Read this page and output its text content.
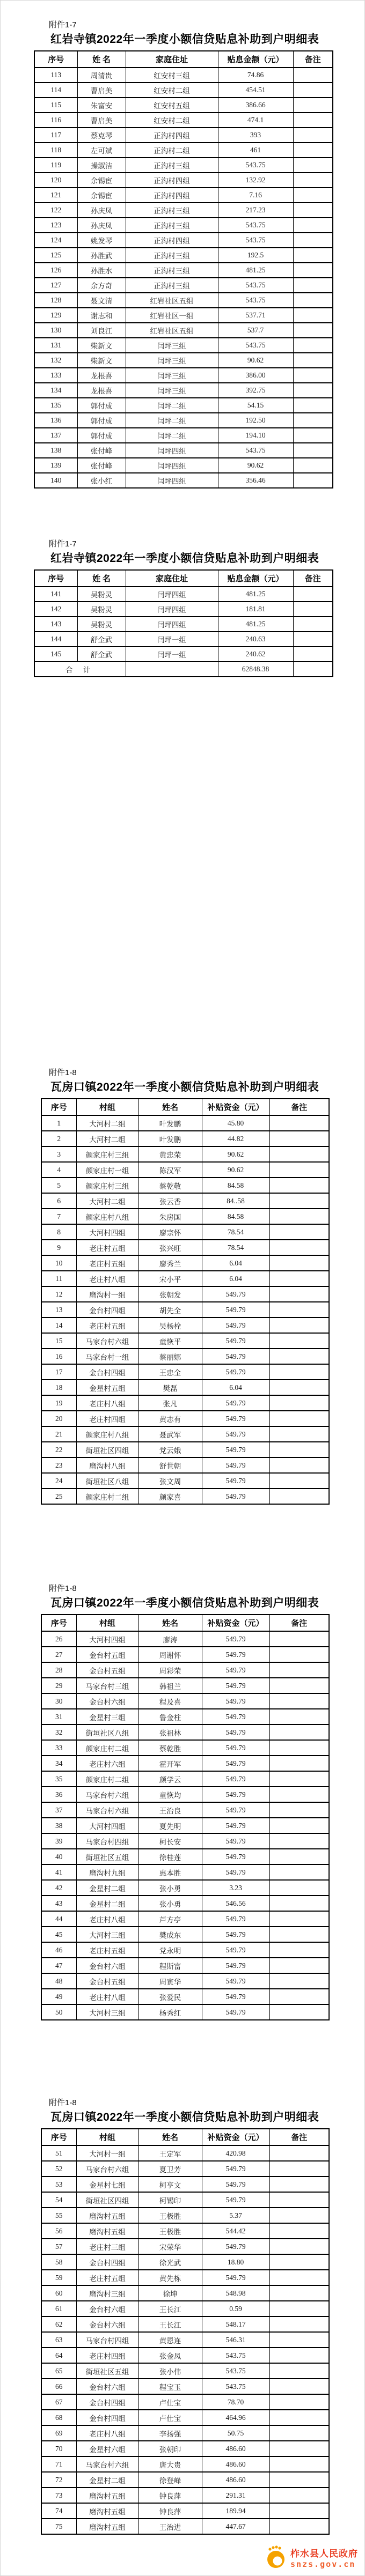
附件1-7
红岩寺镇2022年一季度小额信贷贴息补助到户明细表
序号	姓 名	家庭住址	贴息金额（元）	备注
113	周清贵	红安村三组	74.86	
114	曹启美	红安村二组	454.51	
115	朱富安	红安村五组	386.66	
116	曹启美	红安村二组	474.1	
117	蔡克琴	正沟村四组	393	
118	左可斌	正沟村二组	461	
119	操淑洁	正沟村三组	543.75	
120	余锡宦	正沟村四组	132.92	
121	余锡宦	正沟村四组	7.16	
122	孙庆凤	正沟村三组	217.23	
123	孙庆凤	正沟村三组	543.75	
124	姚发琴	正沟村四组	543.75	
125	孙胜武	正沟村三组	192.5	
126	孙胜水	正沟村三组	481.25	
127	余方奇	正沟村三组	543.75	
128	聂文清	红岩社区五组	543.75	
129	谢志和	红岩社区一组	537.71	
130	刘良江	红岩社区五组	537.7	
131	柴新文	闫坪三组	543.75	
132	柴新文	闫坪三组	90.62	
133	龙根喜	闫坪三组	386.00	
134	龙根喜	闫坪三组	392.75	
135	郭付成	闫坪二组	54.15	
136	郭付成	闫坪二组	192.50	
137	郭付成	闫坪二组	194.10	
138	张付峰	闫坪四组	543.75	
139	张付峰	闫坪四组	90.62	
140	张小红	闫坪四组	356.46	
附件1-7
红岩寺镇2022年一季度小额信贷贴息补助到户明细表
序号	姓 名	家庭住址	贴息金额（元）	备注
141	吴粉灵	闫坪四组	481.25	
142	吴粉灵	闫坪四组	181.81	
143	吴粉灵	闫坪四组	481.25	
144	舒全武	闫坪一组	240.63	
145	舒全武	闫坪一组	240.62	
合 计			62848.38	
附件1-8
瓦房口镇2022年一季度小额信贷贴息补助到户明细表
序号	村组	姓名	补贴资金（元）	备注
1	大河村二组	叶发鹏	45.80	
2	大河村二组	叶发鹏	44.82	
3	颜家庄村三组	黄忠荣	90.62	
4	颜家庄村一组	陈汉军	90.62	
5	颜家庄村三组	蔡乾敬	84.58	
6	大河村二组	张云香	84..58	
7	颜家庄村八组	朱房国	84.58	
8	大河村四组	廖宗怀	78.54	
9	老庄村五组	张兴旺	78.54	
10	老庄村五组	廖秀兰	6.04	
11	老庄村八组	宋小平	6.04	
12	磨沟村一组	张朝发	549.79	
13	金台村四组	胡先全	549.79	
14	老庄村五组	吴杨栓	549.79	
15	马家台村六组	童恢平	549.79	
16	马家台村一组	蔡丽娜	549.79	
17	金台村四组	王忠全	549.79	
18	金星村五组	樊磊	6.04	
19	老庄村八组	张凡	549.79	
20	老庄村四组	黄志有	549.79	
21	颜家庄村八组	聂武军	549.79	
22	街垣社区四组	党云娥	549.79	
23	磨沟村八组	舒世朝	549.79	
24	街垣社区八组	张文周	549.79	
25	颜家庄村二组	颜家喜	549.79	
附件1-8
瓦房口镇2022年一季度小额信贷贴息补助到户明细表
序号	村组	姓名	补贴资金（元）	备注
26	大河村四组	廖涛	549.79	
27	金台村五组	周谢怀	549.79	
28	金台村五组	周彩荣	549.79	
29	马家台村三组	韩祖兰	549.79	
30	金台村六组	程及喜	549.79	
31	金星村三组	鲁金柱	549.79	
32	街垣社区八组	张祖林	549.79	
33	颜家庄村二组	蔡乾胜	549.79	
34	老庄村六组	霍开军	549.79	
35	颜家庄村二组	颜学云	549.79	
36	马家台村六组	童恢均	549.79	
37	马家台村六组	王治良	549.79	
38	大河村四组	夏先明	549.79	
39	马家台村四组	柯长安	549.79	
40	街垣社区五组	徐桂莲	549.79	
41	磨沟村九组	惠本胜	549.79	
42	金星村二组	张小勇	3.23	
43	金星村二组	张小勇	546.56	
44	老庄村八组	芦方亭	549.79	
45	大河村三组	樊成东	549.79	
46	老庄村五组	党永明	549.79	
47	金台村六组	程斯富	549.79	
48	金台村五组	周寅华	549.79	
49	老庄村八组	张爱民	549.79	
50	大河村三组	杨秀红	549.79	
附件1-8
瓦房口镇2022年一季度小额信贷贴息补助到户明细表
序号	村组	姓名	补贴资金（元）	备注
51	大河村一组	王定军	420.98	
52	马家台村六组	夏卫芳	549.79	
53	金星村七组	柯亨文	549.79	
54	街垣社区四组	柯锡印	549.79	
55	磨沟村五组	王极胜	5.37	
56	磨沟村五组	王极胜	544.42	
57	老庄村三组	宋荣华	549.79	
58	金台村四组	徐光武	18.80	
59	老庄村五组	黄先栋	549.79	
60	磨沟村三组	徐坤	548.98	
61	金台村六组	王长江	0.59	
62	金台村六组	王长江	548.17	
63	马家台村四组	黄恩连	546.31	
64	老庄村四组	张金凤	543.75	
65	街垣社区五组	张小伟	543.75	
66	金台村六组	程宝玉	543.75	
67	金台村四组	卢仕宝	78.70	
68	金台村四组	卢仕宝	464.96	
69	老庄村八组	李扬强	50.75	
70	金星村六组	张朝印	486.60	
71	马家台村六组	唐大贵	486.60	
72	金星村二组	徐登峰	486.60	
73	磨沟村五组	钟良萍	291.31	
74	磨沟村五组	钟良萍	189.94	
75	磨沟村五组	王治进	447.67	
柞水县人民政府
snzs.gov.cn
